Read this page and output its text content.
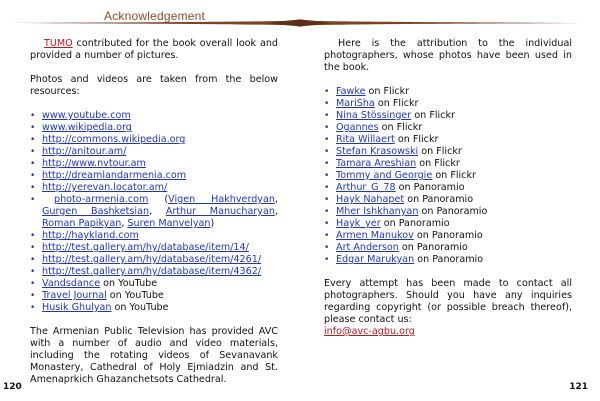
Acknowledgement

TUMO contributed for the book overall look and provided a number of pictures.

Photos and videos are taken from the below resources:

• www.youtube.com
• www.wikipedia.org
• http://commons.wikipedia.org
• http://anitour.am/
• http://www.nvtour.am
• http://dreamlandarmenia.com
• http://yerevan.locator.am/
• photo-armenia.com (Vigen Hakhverdyan, Gurgen Bashketsian, Arthur Manucharyan, Roman Papikyan, Suren Manvelyan)
• http://haykland.com
• http://test.gallery.am/hy/database/item/14/
• http://test.gallery.am/hy/database/item/4261/
• http://test.gallery.am/hy/database/item/4362/
• Vandsdance on YouTube
• Travel Journal on YouTube
• Husik Ghulyan on YouTube

The Armenian Public Television has provided AVC with a number of audio and video materials, including the rotating videos of Sevanavank Monastery, Cathedral of Holy Ejmiadzin and St. Amenaprkich Ghazanchetsots Cathedral.

Here is the attribution to the individual photographers, whose photos have been used in the book.

• Fawke on Flickr
• MariSha on Flickr
• Nina Stössinger on Flickr
• Ogannes on Flickr
• Rita Willaert on Flickr
• Stefan Krasowski on Flickr
• Tamara Areshian on Flickr
• Tommy and Georgie on Flickr
• Arthur_G_78 on Panoramio
• Hayk Nahapet on Panoramio
• Mher Ishkhanyan on Panoramio
• Hayk_yer on Panoramio
• Armen Manukov on Panoramio
• Art Anderson on Panoramio
• Edgar Marukyan on Panoramio

Every attempt has been made to contact all photographers. Should you have any inquiries regarding copyright (or possible breach thereof), please contact us:

info@avc-agbu.org

120	121
